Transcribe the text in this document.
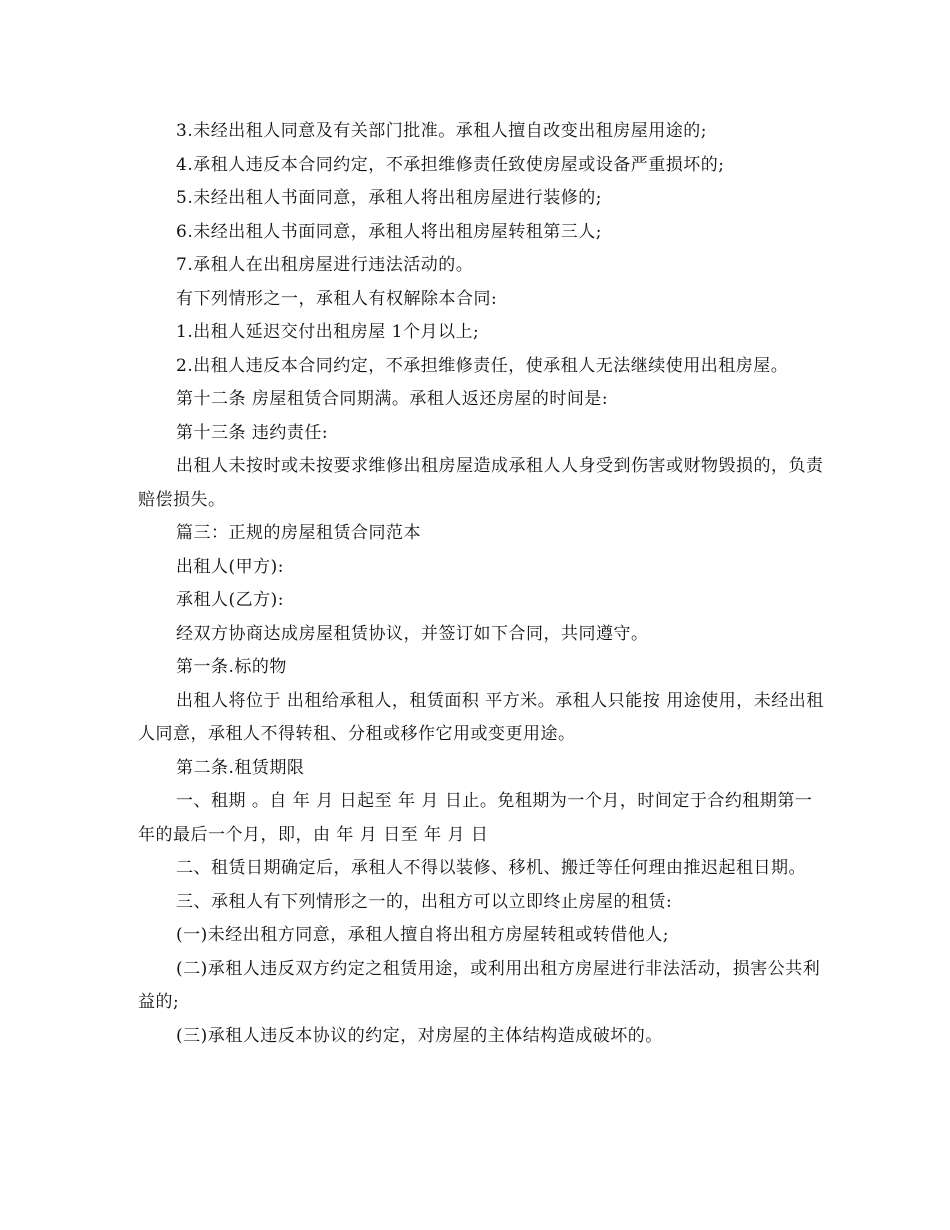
3.未经出租人同意及有关部门批准。承租人擅自改变出租房屋用途的;

4.承租人违反本合同约定，不承担维修责任致使房屋或设备严重损坏的;

5.未经出租人书面同意，承租人将出租房屋进行装修的;

6.未经出租人书面同意，承租人将出租房屋转租第三人;

7.承租人在出租房屋进行违法活动的。

有下列情形之一，承租人有权解除本合同:

1.出租人延迟交付出租房屋 1个月以上;

2.出租人违反本合同约定，不承担维修责任，使承租人无法继续使用出租房屋。

第十二条 房屋租赁合同期满。承租人返还房屋的时间是:

第十三条 违约责任:

出租人未按时或未按要求维修出租房屋造成承租人人身受到伤害或财物毁损的，负责赔偿损失。

篇三：正规的房屋租赁合同范本

出租人(甲方):

承租人(乙方):

经双方协商达成房屋租赁协议，并签订如下合同，共同遵守。

第一条.标的物

出租人将位于 出租给承租人，租赁面积 平方米。承租人只能按 用途使用，未经出租人同意，承租人不得转租、分租或移作它用或变更用途。

第二条.租赁期限

一、租期 。自 年 月 日起至 年 月 日止。免租期为一个月，时间定于合约租期第一年的最后一个月，即，由 年 月 日至 年 月 日

二、租赁日期确定后，承租人不得以装修、移机、搬迁等任何理由推迟起租日期。

三、承租人有下列情形之一的，出租方可以立即终止房屋的租赁:

(一)未经出租方同意，承租人擅自将出租方房屋转租或转借他人;

(二)承租人违反双方约定之租赁用途，或利用出租方房屋进行非法活动，损害公共利益的;

(三)承租人违反本协议的约定，对房屋的主体结构造成破坏的。
